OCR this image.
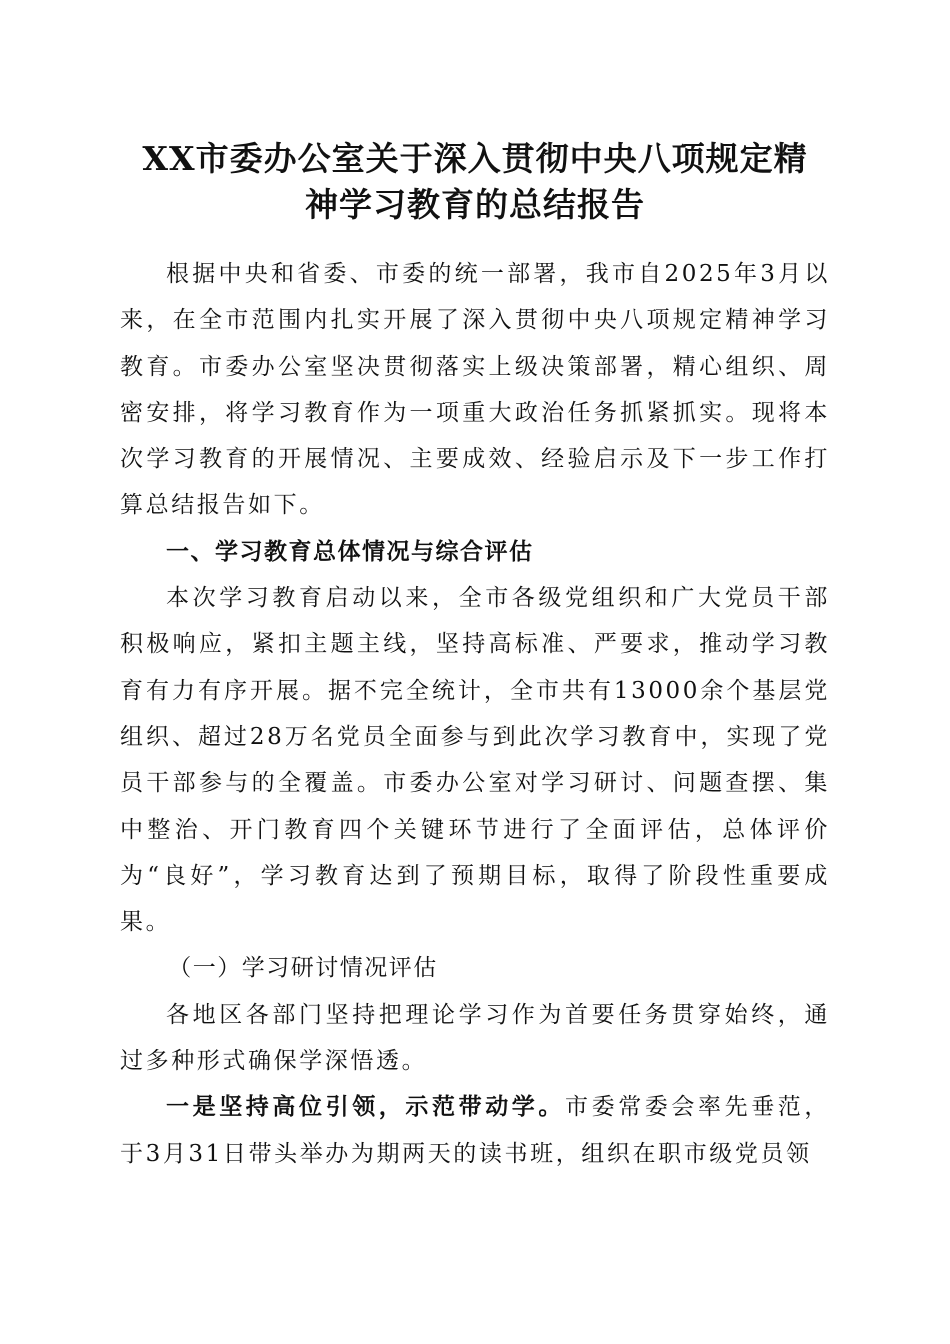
XX市委办公室关于深入贯彻中央八项规定精
神学习教育的总结报告

根据中央和省委、市委的统一部署，我市自2025年3月以来，在全市范围内扎实开展了深入贯彻中央八项规定精神学习教育。市委办公室坚决贯彻落实上级决策部署，精心组织、周密安排，将学习教育作为一项重大政治任务抓紧抓实。现将本次学习教育的开展情况、主要成效、经验启示及下一步工作打算总结报告如下。

一、学习教育总体情况与综合评估

本次学习教育启动以来，全市各级党组织和广大党员干部积极响应，紧扣主题主线，坚持高标准、严要求，推动学习教育有力有序开展。据不完全统计，全市共有13000余个基层党组织、超过28万名党员全面参与到此次学习教育中，实现了党员干部参与的全覆盖。市委办公室对学习研讨、问题查摆、集中整治、开门教育四个关键环节进行了全面评估，总体评价为“良好”，学习教育达到了预期目标，取得了阶段性重要成果。

（一）学习研讨情况评估

各地区各部门坚持把理论学习作为首要任务贯穿始终，通过多种形式确保学深悟透。

一是坚持高位引领，示范带动学。市委常委会率先垂范，于3月31日带头举办为期两天的读书班，组织在职市级党员领
